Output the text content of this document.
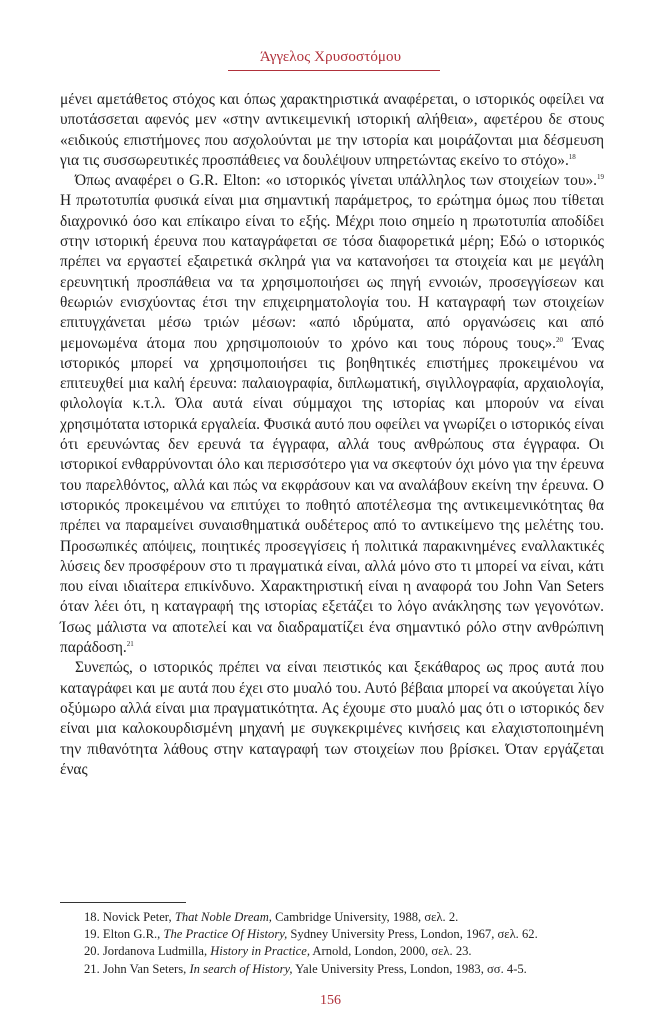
Άγγελος Χρυσοστόμου

μένει αμετάθετος στόχος και όπως χαρακτηριστικά αναφέρεται, ο ιστορικός οφείλει να υποτάσσεται αφενός μεν «στην αντικειμενική ιστορική αλήθεια», αφετέρου δε στους «ειδικούς επιστήμονες που ασχολούνται με την ιστορία και μοιράζονται μια δέσμευση για τις συσσωρευτικές προσπάθειες να δουλέψουν υπηρετώντας εκείνο το στόχο».$^{18}$

Όπως αναφέρει ο G.R. Elton: «ο ιστορικός γίνεται υπάλληλος των στοιχείων του».$^{19}$ Η πρωτοτυπία φυσικά είναι μια σημαντική παράμετρος, το ερώτημα όμως που τίθεται διαχρονικό όσο και επίκαιρο είναι το εξής. Μέχρι ποιο σημείο η πρωτοτυπία αποδίδει στην ιστορική έρευνα που καταγράφεται σε τόσα διαφορετικά μέρη; Εδώ ο ιστορικός πρέπει να εργαστεί εξαιρετικά σκληρά για να κατανοήσει τα στοιχεία και με μεγάλη ερευνητική προσπάθεια να τα χρησιμοποιήσει ως πηγή εννοιών, προσεγγίσεων και θεωριών ενισχύοντας έτσι την επιχειρηματολογία του. Η καταγραφή των στοιχείων επιτυγχάνεται μέσω τριών μέσων: «από ιδρύματα, από οργανώσεις και από μεμονωμένα άτομα που χρησιμοποιούν το χρόνο και τους πόρους τους».$^{20}$ Ένας ιστορικός μπορεί να χρησιμοποιήσει τις βοηθητικές επιστήμες προκειμένου να επιτευχθεί μια καλή έρευνα: παλαιογραφία, διπλωματική, σιγιλλογραφία, αρχαιολογία, φιλολογία κ.τ.λ. Όλα αυτά είναι σύμμαχοι της ιστορίας και μπορούν να είναι χρησιμότατα ιστορικά εργαλεία. Φυσικά αυτό που οφείλει να γνωρίζει ο ιστορικός είναι ότι ερευνώντας δεν ερευνά τα έγγραφα, αλλά τους ανθρώπους στα έγγραφα. Οι ιστορικοί ενθαρρύνονται όλο και περισσότερο για να σκεφτούν όχι μόνο για την έρευνα του παρελθόντος, αλλά και πώς να εκφράσουν και να αναλάβουν εκείνη την έρευνα. Ο ιστορικός προκειμένου να επιτύχει το ποθητό αποτέλεσμα της αντικειμενικότητας θα πρέπει να παραμείνει συναισθηματικά ουδέτερος από το αντικείμενο της μελέτης του. Προσωπικές απόψεις, ποιητικές προσεγγίσεις ή πολιτικά παρακινημένες εναλλακτικές λύσεις δεν προσφέρουν στο τι πραγματικά είναι, αλλά μόνο στο τι μπορεί να είναι, κάτι που είναι ιδιαίτερα επικίνδυνο. Χαρακτηριστική είναι η αναφορά του John Van Seters όταν λέει ότι, η καταγραφή της ιστορίας εξετάζει το λόγο ανάκλησης των γεγονότων. Ίσως μάλιστα να αποτελεί και να διαδραματίζει ένα σημαντικό ρόλο στην ανθρώπινη παράδοση.$^{21}$

Συνεπώς, ο ιστορικός πρέπει να είναι πειστικός και ξεκάθαρος ως προς αυτά που καταγράφει και με αυτά που έχει στο μυαλό του. Αυτό βέβαια μπορεί να ακούγεται λίγο οξύμωρο αλλά είναι μια πραγματικότητα. Ας έχουμε στο μυαλό μας ότι ο ιστορικός δεν είναι μια καλοκουρδισμένη μηχανή με συγκεκριμένες κινήσεις και ελαχιστοποιημένη την πιθανότητα λάθους στην καταγραφή των στοιχείων που βρίσκει. Όταν εργάζεται ένας

18. Novick Peter, That Noble Dream, Cambridge University, 1988, σελ. 2.

19. Elton G.R., The Practice Of History, Sydney University Press, London, 1967, σελ. 62.

20. Jordanova Ludmilla, History in Practice, Arnold, London, 2000, σελ. 23.

21. John Van Seters, In search of History, Yale University Press, London, 1983, σσ. 4-5.

156
